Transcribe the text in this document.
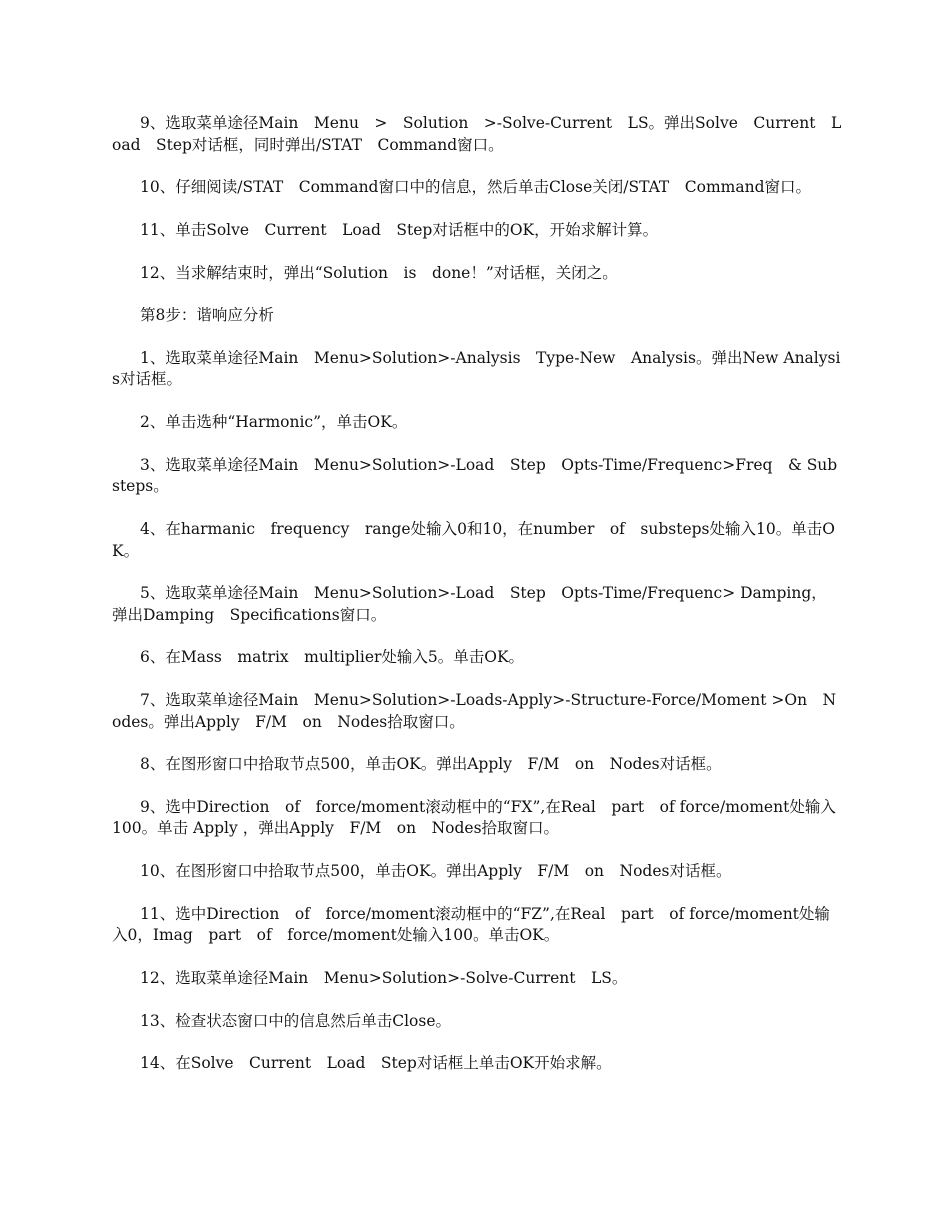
9、选取菜单途径Main　Menu　>　Solution　>-Solve-Current　LS。弹出Solve　Current　Load　Step对话框，同时弹出/STAT　Command窗口。

10、仔细阅读/STAT　Command窗口中的信息，然后单击Close关闭/STAT　Command窗口。

11、单击Solve　Current　Load　Step对话框中的OK，开始求解计算。

12、当求解结束时，弹出“Solution　is　done！”对话框，关闭之。

第8步：谐响应分析

1、选取菜单途径Main　Menu>Solution>-Analysis　Type-New　Analysis。弹出New Analysis对话框。

2、单击选种“Harmonic”，单击OK。

3、选取菜单途径Main　Menu>Solution>-Load　Step　Opts-Time/Frequenc>Freq　& Substeps。

4、在harmanic　frequency　range处输入0和10，在number　of　substeps处输入10。单击OK。

5、选取菜单途径Main　Menu>Solution>-Load　Step　Opts-Time/Frequenc> Damping，弹出Damping　Specifications窗口。

6、在Mass　matrix　multiplier处输入5。单击OK。

7、选取菜单途径Main　Menu>Solution>-Loads-Apply>-Structure-Force/Moment >On　Nodes。弹出Apply　F/M　on　Nodes拾取窗口。

8、在图形窗口中拾取节点500，单击OK。弹出Apply　F/M　on　Nodes对话框。

9、选中Direction　of　force/moment滚动框中的“FX”,在Real　part　of force/moment处输入100。单击 Apply ，弹出Apply　F/M　on　Nodes拾取窗口。

10、在图形窗口中拾取节点500，单击OK。弹出Apply　F/M　on　Nodes对话框。

11、选中Direction　of　force/moment滚动框中的“FZ”,在Real　part　of force/moment处输入0，Imag　part　of　force/moment处输入100。单击OK。

12、选取菜单途径Main　Menu>Solution>-Solve-Current　LS。

13、检查状态窗口中的信息然后单击Close。

14、在Solve　Current　Load　Step对话框上单击OK开始求解。
